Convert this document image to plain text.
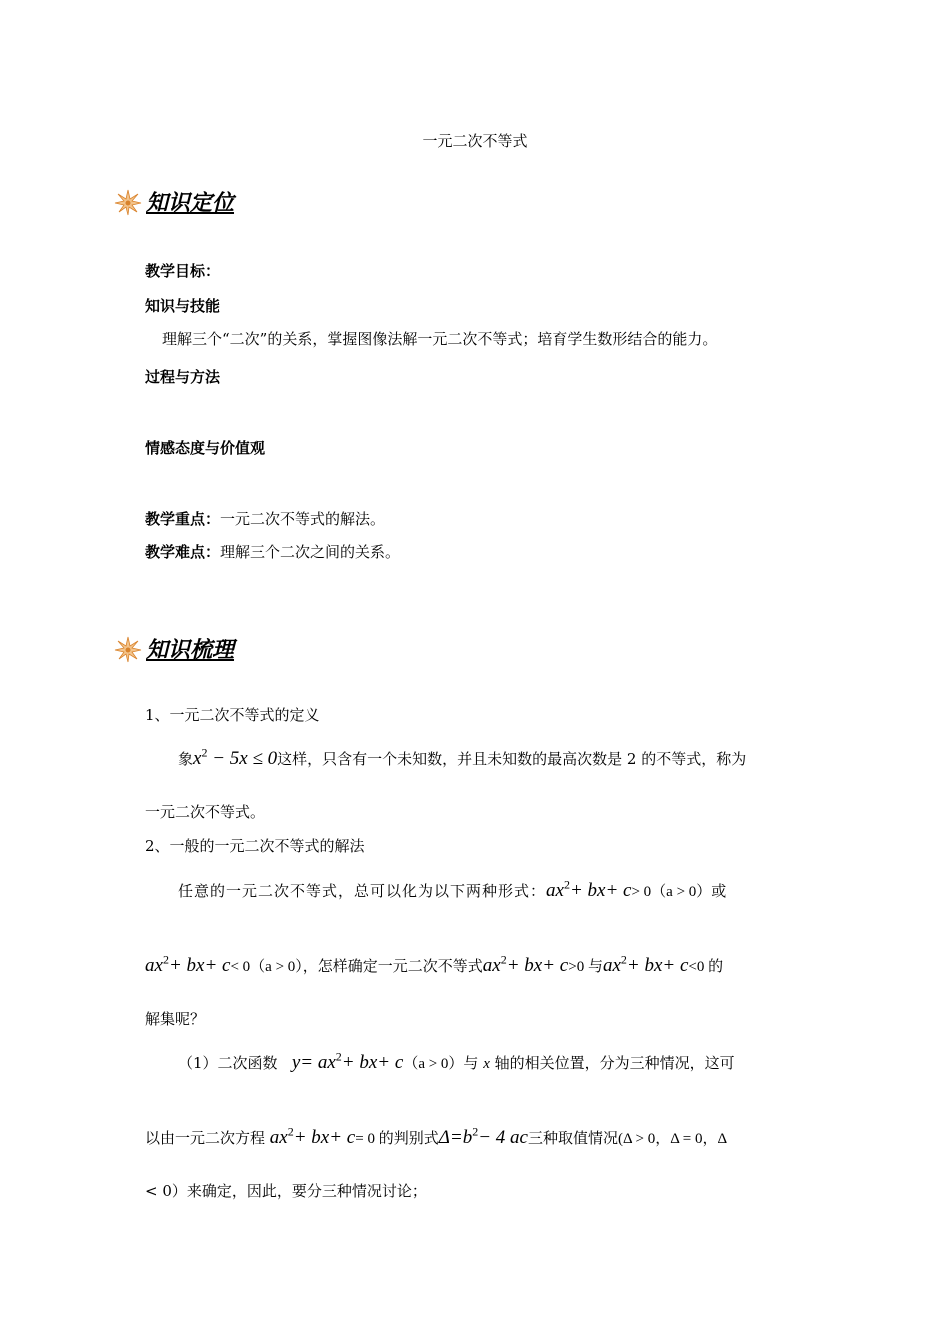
一元二次不等式
知识定位
教学目标：
知识与技能
理解三个“二次”的关系，掌握图像法解一元二次不等式；培育学生数形结合的能力。
过程与方法
情感态度与价值观
教学重点：一元二次不等式的解法。
教学难点：理解三个二次之间的关系。
知识梳理
1、一元二次不等式的定义
象$x^2 - 5x \le 0$这样，只含有一个未知数，并且未知数的最高次数是 2 的不等式，称为
一元二次不等式。
2、一般的一元二次不等式的解法
任意的一元二次不等式，总可以化为以下两种形式：$ax^2+ bx+ c> 0(a > 0)$或
$ax^2+ bx+ c< 0(a > 0)$，怎样确定一元二次不等式$ax^2+ bx+ c>0$ 与$ax^2+ bx+ c<0$ 的
解集呢？
（1）二次函数 $y= ax^2+ bx+ c(a > 0)$与 x 轴的相关位置，分为三种情况，这可
以由一元二次方程 $ax^2+ bx+ c= 0$ 的判别式$\Delta=b^2- 4$ ac三种取值情况(Δ > 0，Δ = 0，Δ
< 0）来确定，因此，要分三种情况讨论；
